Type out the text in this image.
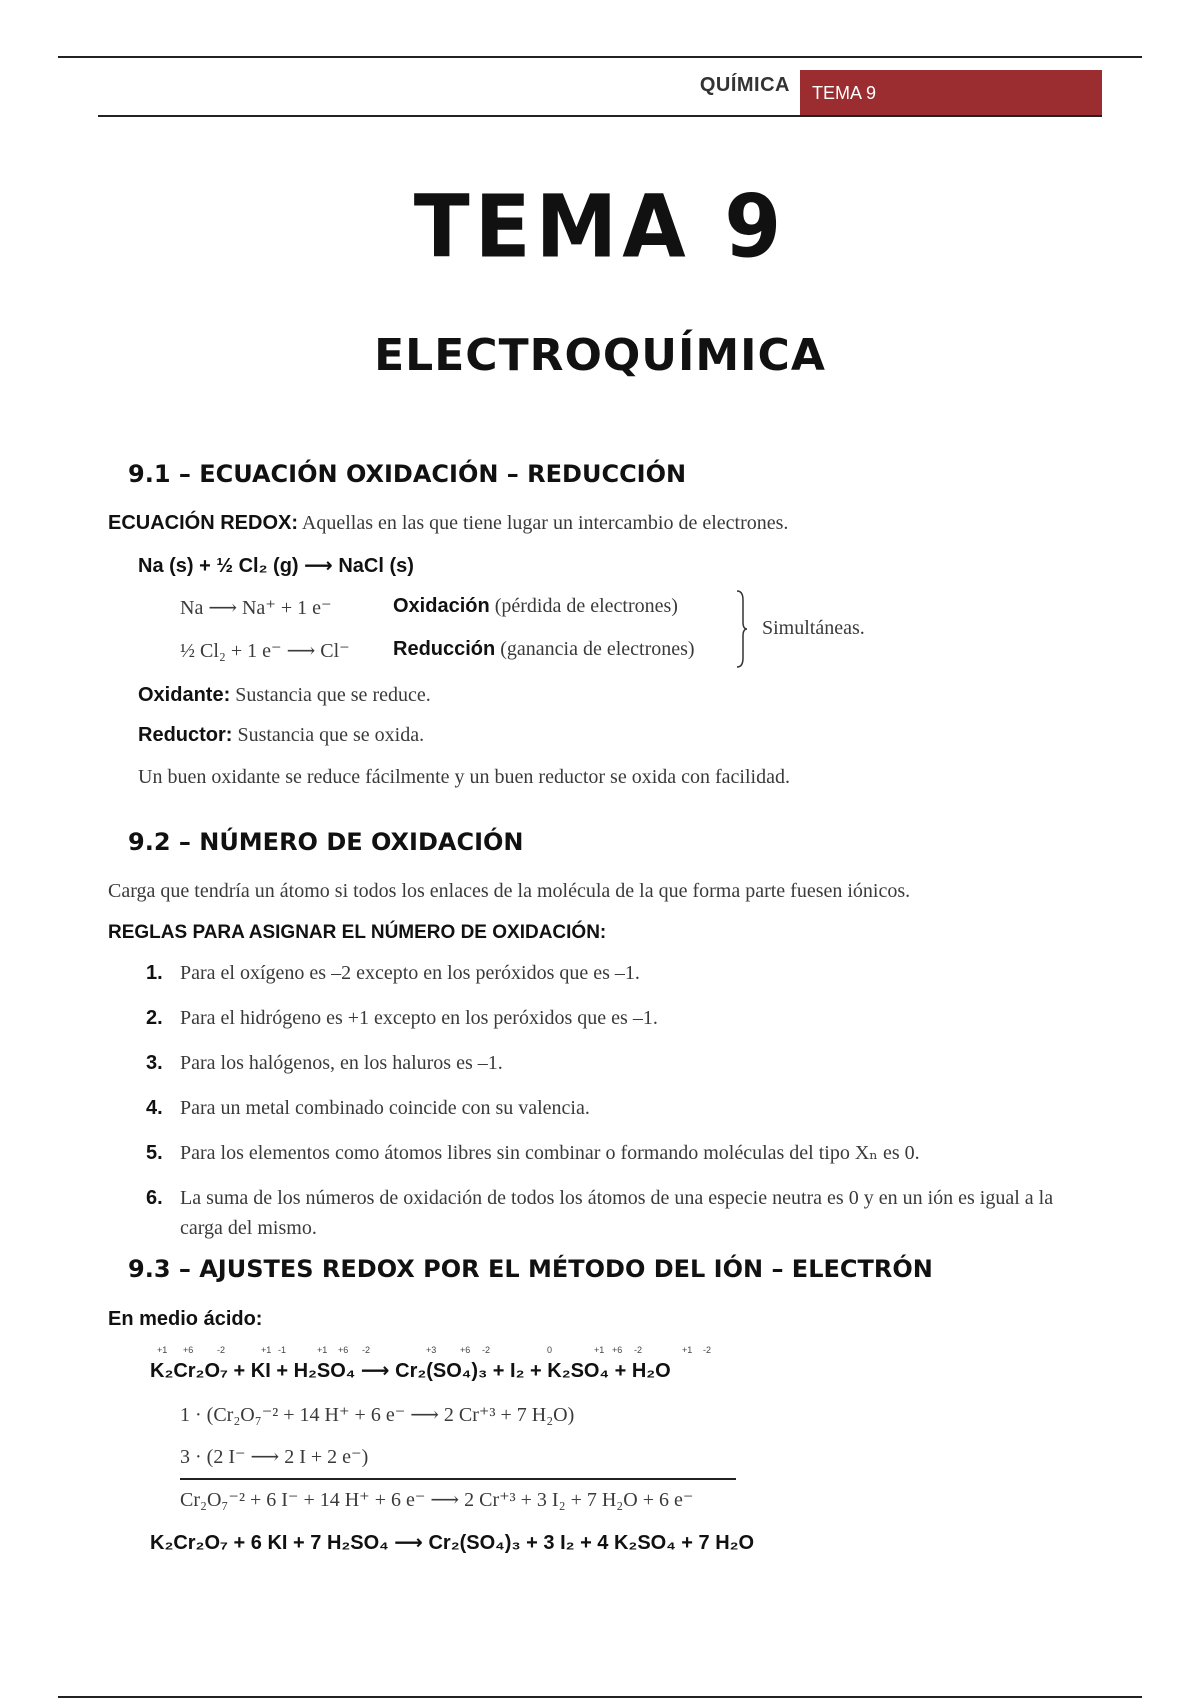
QUÍMICA	TEMA 9
TEMA 9
ELECTROQUÍMICA
9.1 – ECUACIÓN OXIDACIÓN – REDUCCIÓN
ECUACIÓN REDOX: Aquellas en las que tiene lugar un intercambio de electrones.
Na (s) + ½ Cl₂ (g) ⟶ NaCl (s)
Na ⟶ Na⁺ + 1 e⁻	Oxidación (pérdida de electrones)
½ Cl₂ + 1 e⁻ ⟶ Cl⁻ Reducción (ganancia de electrones)
Simultáneas.
Oxidante: Sustancia que se reduce.
Reductor: Sustancia que se oxida.
Un buen oxidante se reduce fácilmente y un buen reductor se oxida con facilidad.
9.2 – NÚMERO DE OXIDACIÓN
Carga que tendría un átomo si todos los enlaces de la molécula de la que forma parte fuesen iónicos.
REGLAS PARA ASIGNAR EL NÚMERO DE OXIDACIÓN:
1. Para el oxígeno es –2 excepto en los peróxidos que es –1.
2. Para el hidrógeno es +1 excepto en los peróxidos que es –1.
3. Para los halógenos, en los haluros es –1.
4. Para un metal combinado coincide con su valencia.
5. Para los elementos como átomos libres sin combinar o formando moléculas del tipo Xₙ es 0.
6. La suma de los números de oxidación de todos los átomos de una especie neutra es 0 y en un ión es igual a la carga del mismo.
9.3 – AJUSTES REDOX POR EL MÉTODO DEL IÓN – ELECTRÓN
En medio ácido:
+1 +6	-2	+1 -1	+1 +6 -2	+3	+6 -2	0	+1 +6 -2	+1 -2
K₂Cr₂O₇ + KI + H₂SO₄ ⟶ Cr₂(SO₄)₃ + I₂ + K₂SO₄ + H₂O
1 · (Cr₂O₇⁻² + 14 H⁺ + 6 e⁻ ⟶ 2 Cr⁺³ + 7 H₂O)
3 · (2 I⁻ ⟶ 2 I + 2 e⁻)
Cr₂O₇⁻² + 6 I⁻ + 14 H⁺ + 6 e⁻ ⟶ 2 Cr⁺³ + 3 I₂ + 7 H₂O + 6 e⁻
K₂Cr₂O₇ + 6 KI + 7 H₂SO₄ ⟶ Cr₂(SO₄)₃ + 3 I₂ + 4 K₂SO₄ + 7 H₂O
